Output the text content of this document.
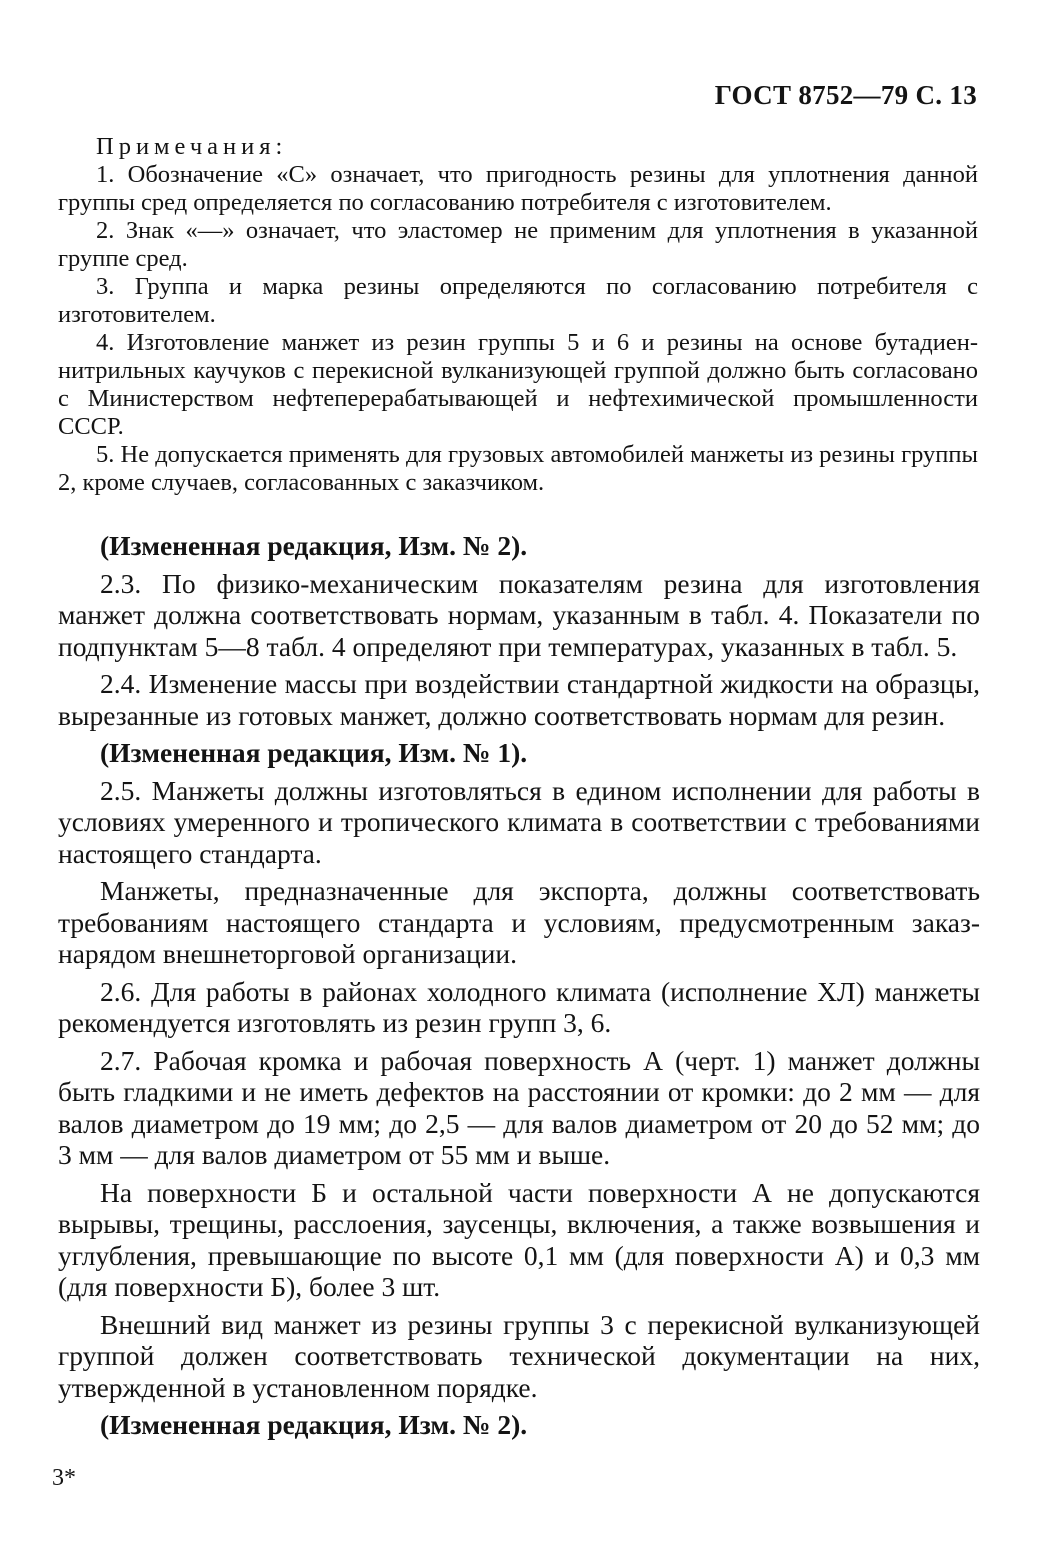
ГОСТ 8752—79 С. 13

Примечания:

1. Обозначение «С» означает, что пригодность резины для уплотнения данной группы сред определяется по согласованию потребителя с изготовителем.

2. Знак «—» означает, что эластомер не применим для уплотнения в указанной группе сред.

3. Группа и марка резины определяются по согласованию потребителя с изготовителем.

4. Изготовление манжет из резин группы 5 и 6 и резины на основе бутадиен-нитрильных каучуков с перекисной вулканизующей группой должно быть согласовано с Министерством нефтеперерабатывающей и нефтехимической промышленности СССР.

5. Не допускается применять для грузовых автомобилей манжеты из резины группы 2, кроме случаев, согласованных с заказчиком.

(Измененная редакция, Изм. № 2).

2.3. По физико-механическим показателям резина для изготовления манжет должна соответствовать нормам, указанным в табл. 4. Показатели по подпунктам 5—8 табл. 4 определяют при температурах, указанных в табл. 5.

2.4. Изменение массы при воздействии стандартной жидкости на образцы, вырезанные из готовых манжет, должно соответствовать нормам для резин.

(Измененная редакция, Изм. № 1).

2.5. Манжеты должны изготовляться в едином исполнении для работы в условиях умеренного и тропического климата в соответствии с требованиями настоящего стандарта.

Манжеты, предназначенные для экспорта, должны соответствовать требованиям настоящего стандарта и условиям, предусмотренным заказ-нарядом внешнеторговой организации.

2.6. Для работы в районах холодного климата (исполнение ХЛ) манжеты рекомендуется изготовлять из резин групп 3, 6.

2.7. Рабочая кромка и рабочая поверхность А (черт. 1) манжет должны быть гладкими и не иметь дефектов на расстоянии от кромки: до 2 мм — для валов диаметром до 19 мм; до 2,5 — для валов диаметром от 20 до 52 мм; до 3 мм — для валов диаметром от 55 мм и выше.

На поверхности Б и остальной части поверхности А не допускаются вырывы, трещины, расслоения, заусенцы, включения, а также возвышения и углубления, превышающие по высоте 0,1 мм (для поверхности А) и 0,3 мм (для поверхности Б), более 3 шт.

Внешний вид манжет из резины группы 3 с перекисной вулканизующей группой должен соответствовать технической документации на них, утвержденной в установленном порядке.

(Измененная редакция, Изм. № 2).

3*
